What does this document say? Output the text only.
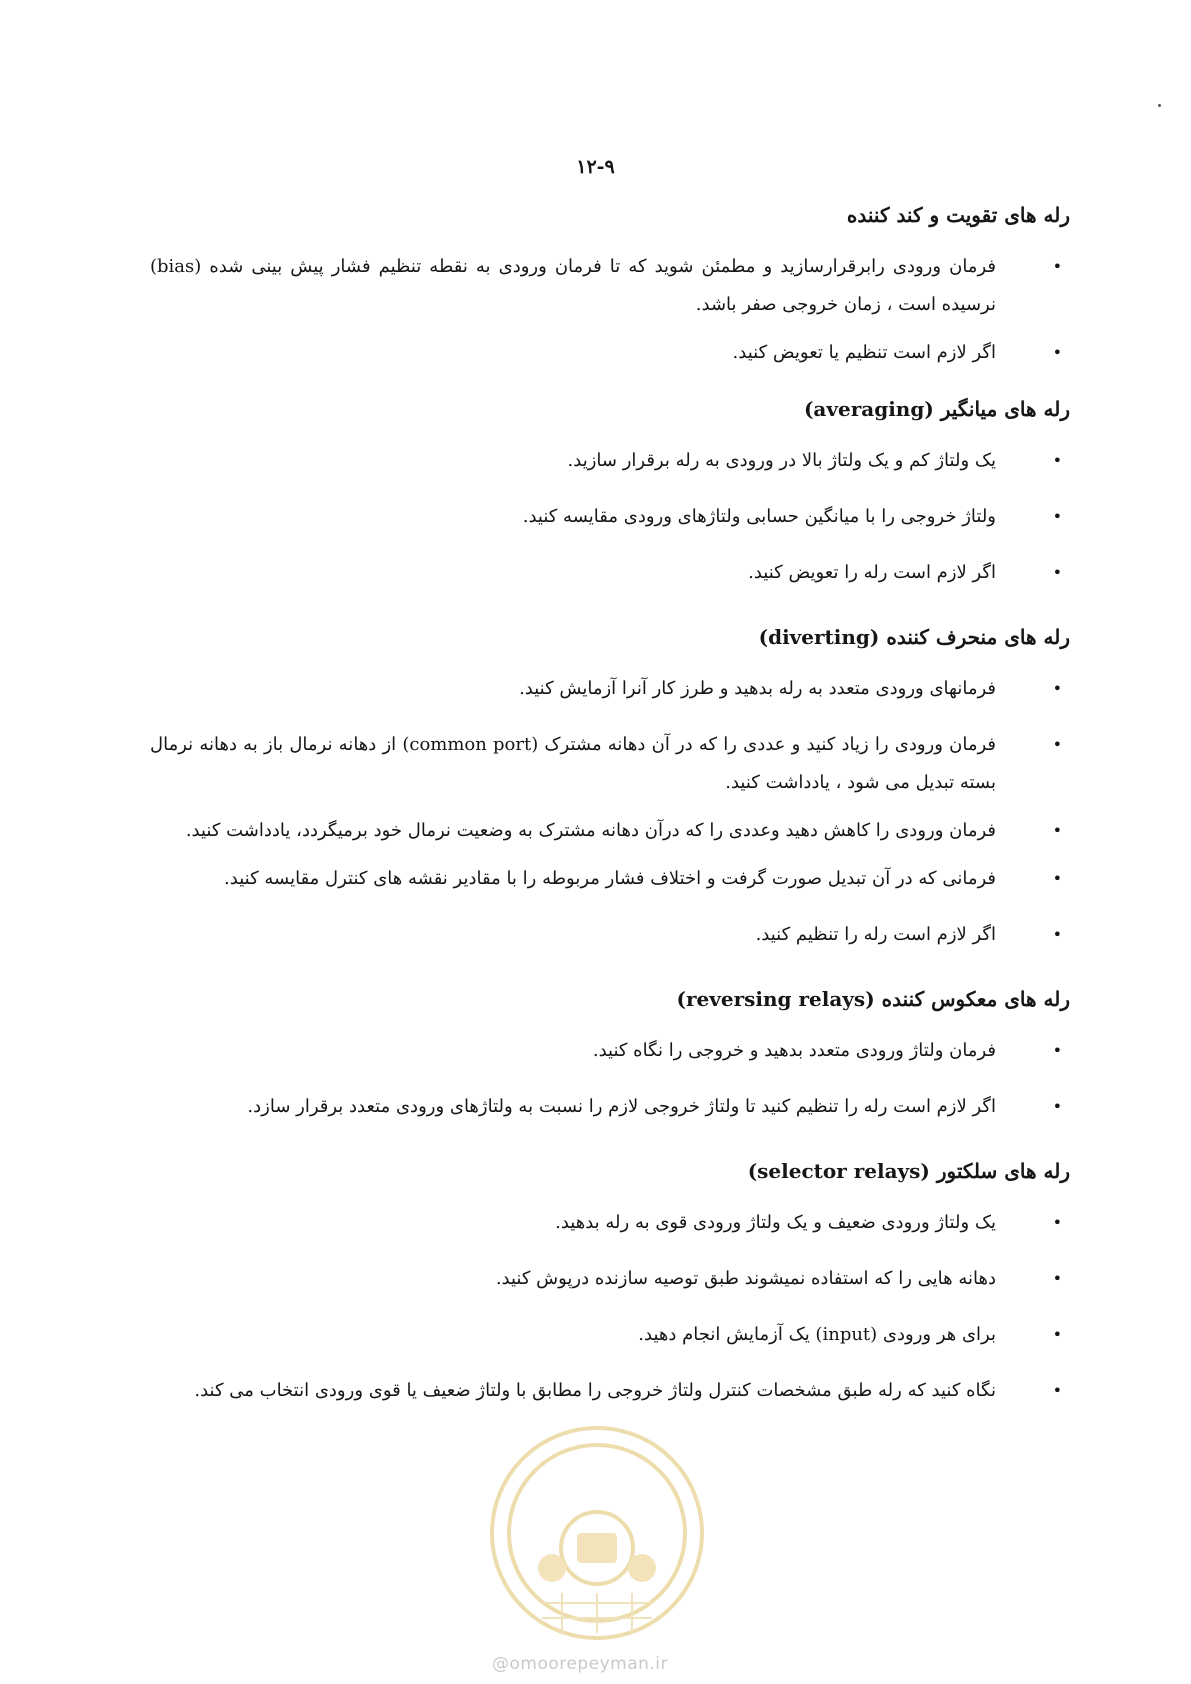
۱۲-۹
رله های تقویت و کند کننده
•
فرمان ورودی رابرقرارسازید و مطمئن شوید که تا فرمان ورودی به نقطه تنظیم فشار پیش بینی شده (bias) نرسیده است ، زمان خروجی صفر باشد.
•
اگر لازم است تنظیم یا تعویض کنید.
رله های میانگیر (averaging)
•
یک ولتاژ کم و یک ولتاژ بالا در ورودی به رله برقرار سازید.
•
ولتاژ خروجی را با میانگین حسابی ولتاژهای ورودی مقایسه کنید.
•
اگر لازم است رله را تعویض کنید.
رله های منحرف کننده (diverting)
•
فرمانهای ورودی متعدد به رله بدهید و طرز کار آنرا آزمایش کنید.
•
فرمان ورودی را زیاد کنید و عددی را که در آن دهانه مشترک (common port) از دهانه نرمال باز به دهانه نرمال بسته تبدیل می شود ، یادداشت کنید.
•
فرمان ورودی را کاهش دهید وعددی را که درآن دهانه مشترک به وضعیت نرمال خود برمیگردد، یادداشت کنید.
•
فرمانی که در آن تبدیل صورت گرفت و اختلاف فشار مربوطه را با مقادیر نقشه های کنترل مقایسه کنید.
•
اگر لازم است رله را تنظیم کنید.
رله های معکوس کننده (reversing relays)
•
فرمان ولتاژ ورودی متعدد بدهید و خروجی را نگاه کنید.
•
اگر لازم است رله را تنظیم کنید تا ولتاژ خروجی لازم را نسبت به ولتاژهای ورودی متعدد برقرار سازد.
رله های سلکتور (selector relays)
•
یک ولتاژ ورودی ضعیف و یک ولتاژ ورودی قوی به رله بدهید.
•
دهانه هایی را که استفاده نمیشوند طبق توصیه سازنده درپوش کنید.
•
برای هر ورودی (input) یک آزمایش انجام دهید.
•
نگاه کنید که رله طبق مشخصات کنترل ولتاژ خروجی را مطابق با ولتاژ ضعیف یا قوی ورودی انتخاب می کند.
@omoorepeyman.ir
